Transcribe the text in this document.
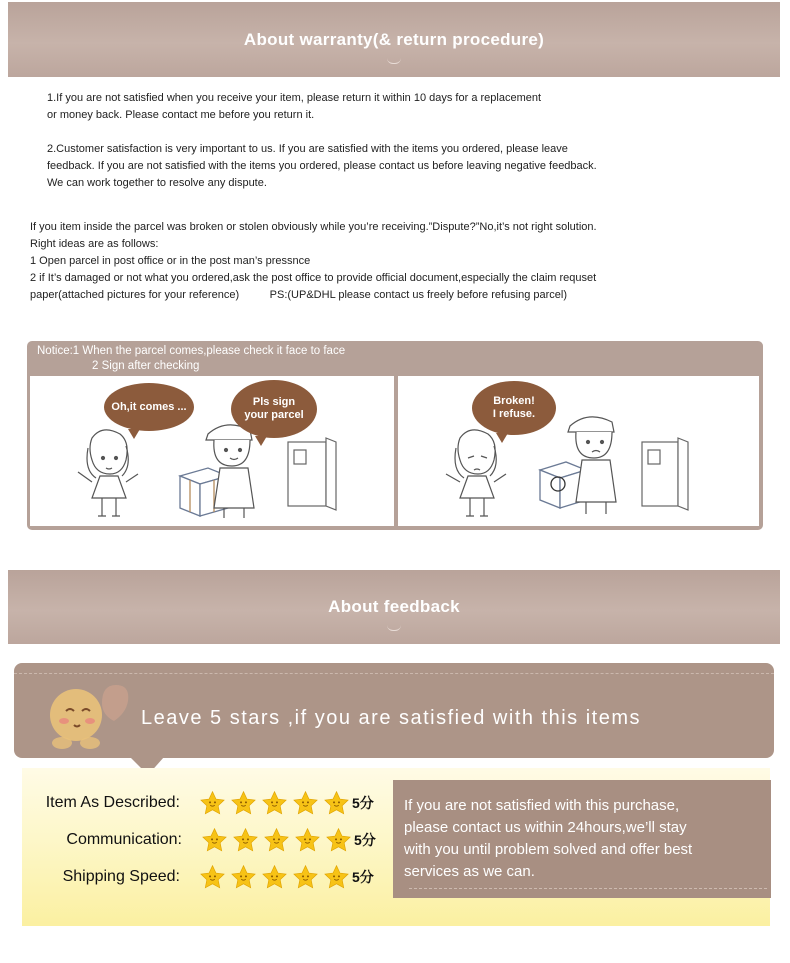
About warranty(& return procedure)
1.If you are not satisfied when you receive your item, please return it within 10 days for a replacement
or money back. Please contact me before you return it.
2.Customer satisfaction is very important to us. If you are satisfied with the items you ordered, please leave
feedback. If you are not satisfied with the items you ordered, please contact us before leaving negative feedback.
We can work together to resolve any dispute.
If you item inside the parcel was broken or stolen obviously while you’re receiving.”Dispute?”No,it’s not right solution.
Right ideas are as follows:
1 Open parcel in post office or in the post man’s pressnce
2 if It’s damaged or not what you ordered,ask the post office to provide official document,especially the claim requset
paper(attached pictures for your reference)          PS:(UP&DHL please contact us freely before refusing parcel)
Notice:1 When the parcel comes,please check it face to face
2 Sign after checking
Oh,it comes ...	Pls sign your parcel
Broken!
I refuse.
About feedback
Leave 5 stars ,if you are satisfied with this items
Item As Described:	5分
Communication:	5分
Shipping Speed:	5分
If you are not satisfied with this purchase,
please contact us within 24hours,we’ll stay
with you until problem solved and offer best
services as we can.
